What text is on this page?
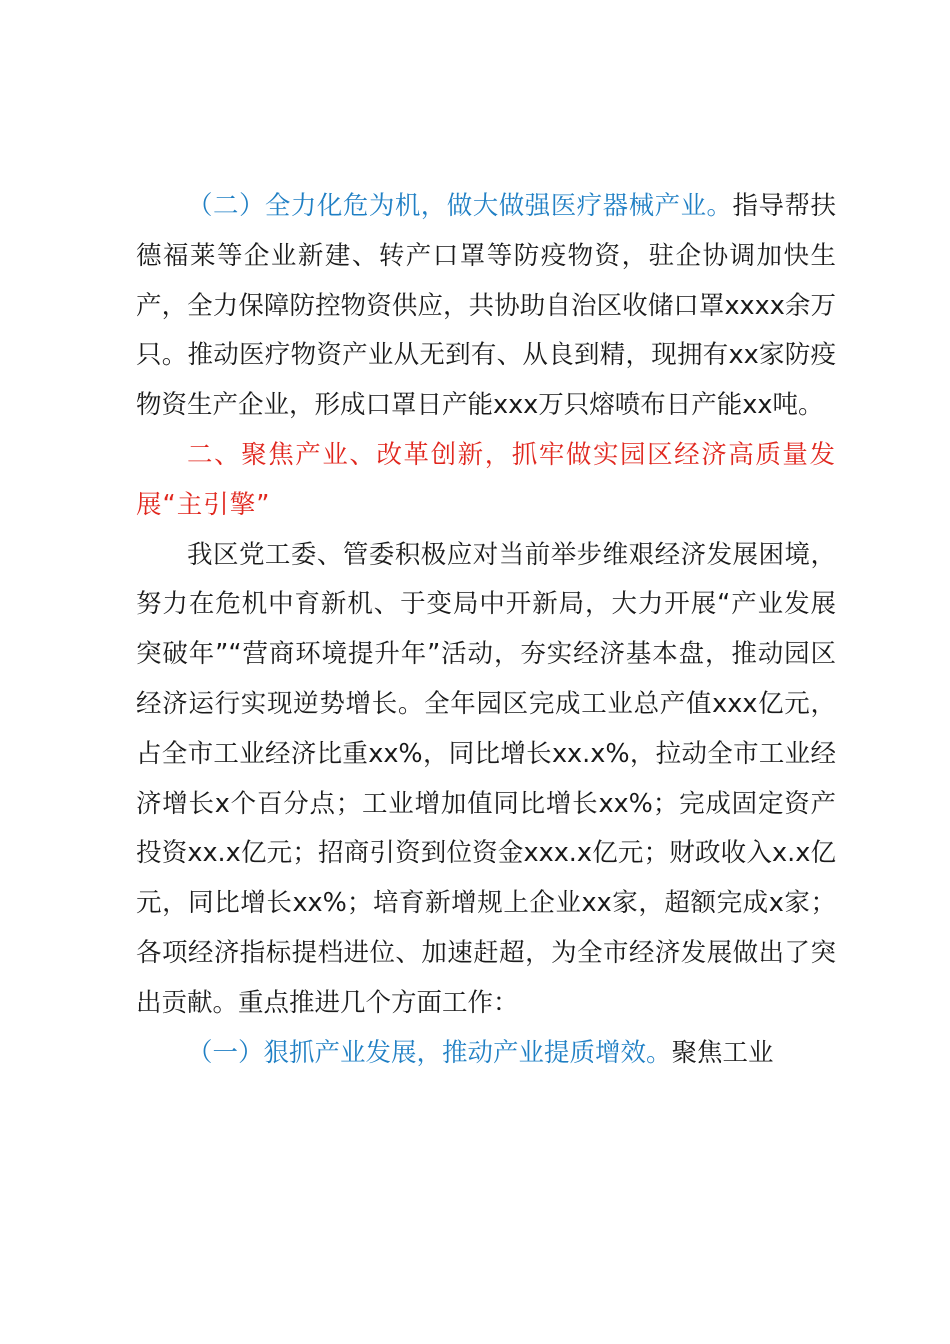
（二）全力化危为机，做大做强医疗器械产业。指导帮扶德福莱等企业新建、转产口罩等防疫物资，驻企协调加快生产，全力保障防控物资供应，共协助自治区收储口罩xxxx余万只。推动医疗物资产业从无到有、从良到精，现拥有xx家防疫物资生产企业，形成口罩日产能xxx万只熔喷布日产能xx吨。

二、聚焦产业、改革创新，抓牢做实园区经济高质量发展“主引擎”

我区党工委、管委积极应对当前举步维艰经济发展困境，努力在危机中育新机、于变局中开新局，大力开展“产业发展突破年”“营商环境提升年”活动，夯实经济基本盘，推动园区经济运行实现逆势增长。全年园区完成工业总产值xxx亿元，占全市工业经济比重xx%，同比增长xx.x%，拉动全市工业经济增长x个百分点；工业增加值同比增长xx%；完成固定资产投资xx.x亿元；招商引资到位资金xxx.x亿元；财政收入x.x亿元，同比增长xx%；培育新增规上企业xx家，超额完成x家；各项经济指标提档进位、加速赶超，为全市经济发展做出了突出贡献。重点推进几个方面工作：

（一）狠抓产业发展，推动产业提质增效。聚焦工业
